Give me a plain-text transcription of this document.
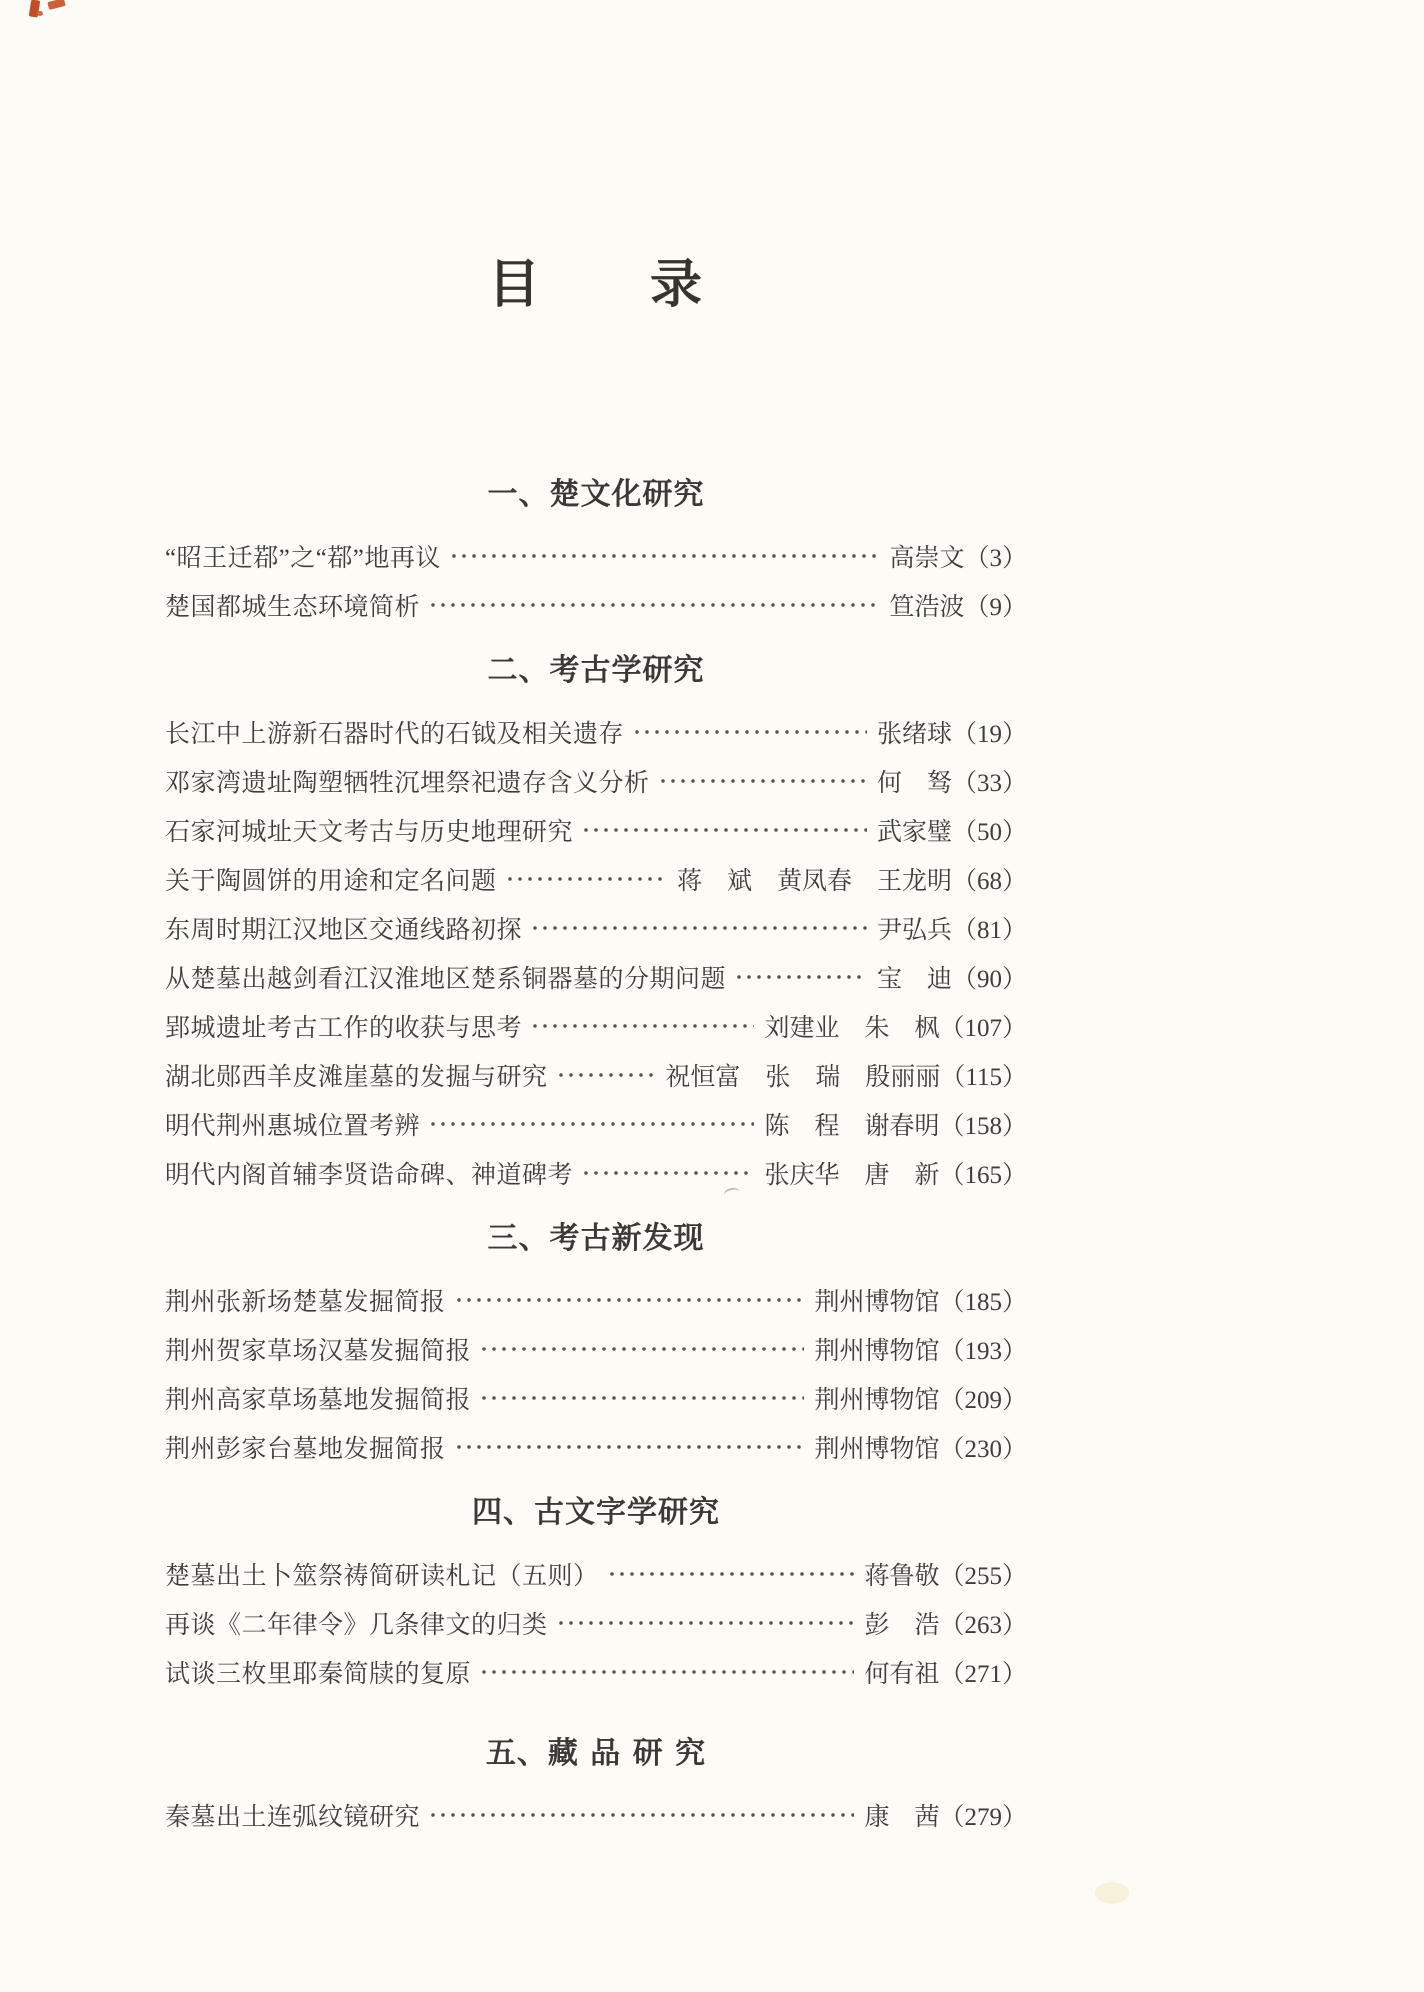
目　　录
一、楚文化研究
“昭王迁鄀”之“鄀”地再议	高崇文 （3）
楚国都城生态环境简析	笪浩波 （9）
二、考古学研究
长江中上游新石器时代的石钺及相关遗存	张绪球 （19）
邓家湾遗址陶塑牺牲沉埋祭祀遗存含义分析	何　驽 （33）
石家河城址天文考古与历史地理研究	武家璧 （50）
关于陶圆饼的用途和定名问题	蒋　斌　黄凤春　王龙明 （68）
东周时期江汉地区交通线路初探	尹弘兵 （81）
从楚墓出越剑看江汉淮地区楚系铜器墓的分期问题	宝　迪 （90）
郢城遗址考古工作的收获与思考	刘建业　朱　枫 （107）
湖北郧西羊皮滩崖墓的发掘与研究	祝恒富　张　瑞　殷丽丽 （115）
明代荆州惠城位置考辨	陈　程　谢春明 （158）
明代内阁首辅李贤诰命碑、神道碑考	张庆华　唐　新 （165）
三、考古新发现
荆州张新场楚墓发掘简报	荆州博物馆 （185）
荆州贺家草场汉墓发掘简报	荆州博物馆 （193）
荆州高家草场墓地发掘简报	荆州博物馆 （209）
荆州彭家台墓地发掘简报	荆州博物馆 （230）
四、古文字学研究
楚墓出土卜筮祭祷简研读札记（五则）	蒋鲁敬 （255）
再谈《二年律令》几条律文的归类	彭　浩 （263）
试谈三枚里耶秦简牍的复原	何有祖 （271）
五、藏 品 研 究
秦墓出土连弧纹镜研究	康　茜 （279）
